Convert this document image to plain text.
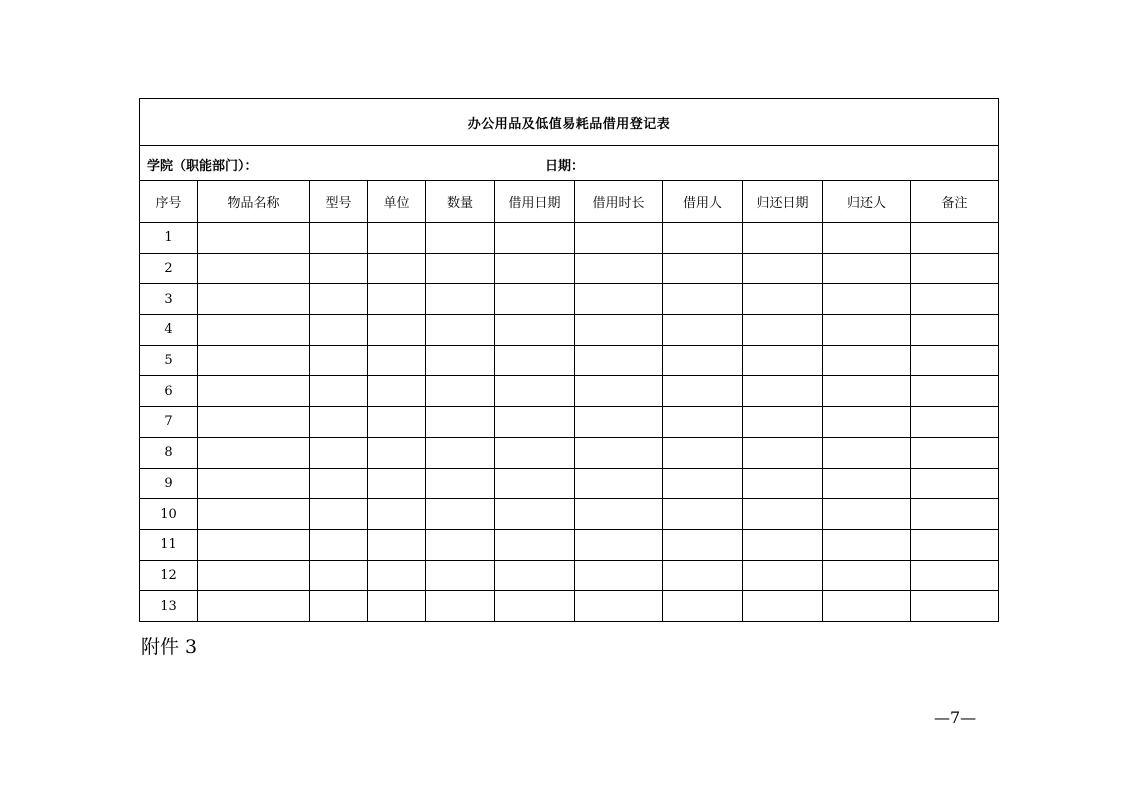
办公用品及低值易耗品借用登记表										

学院（职能部门）： 日期：										

序号	物品名称	型号	单位	数量	借用日期	借用时长	借用人	归还日期	归还人	备注
1										
2										
3										
4										
5										
6										
7										
8										
9										
10										
11										
12										
13										
附件 3
—7—
